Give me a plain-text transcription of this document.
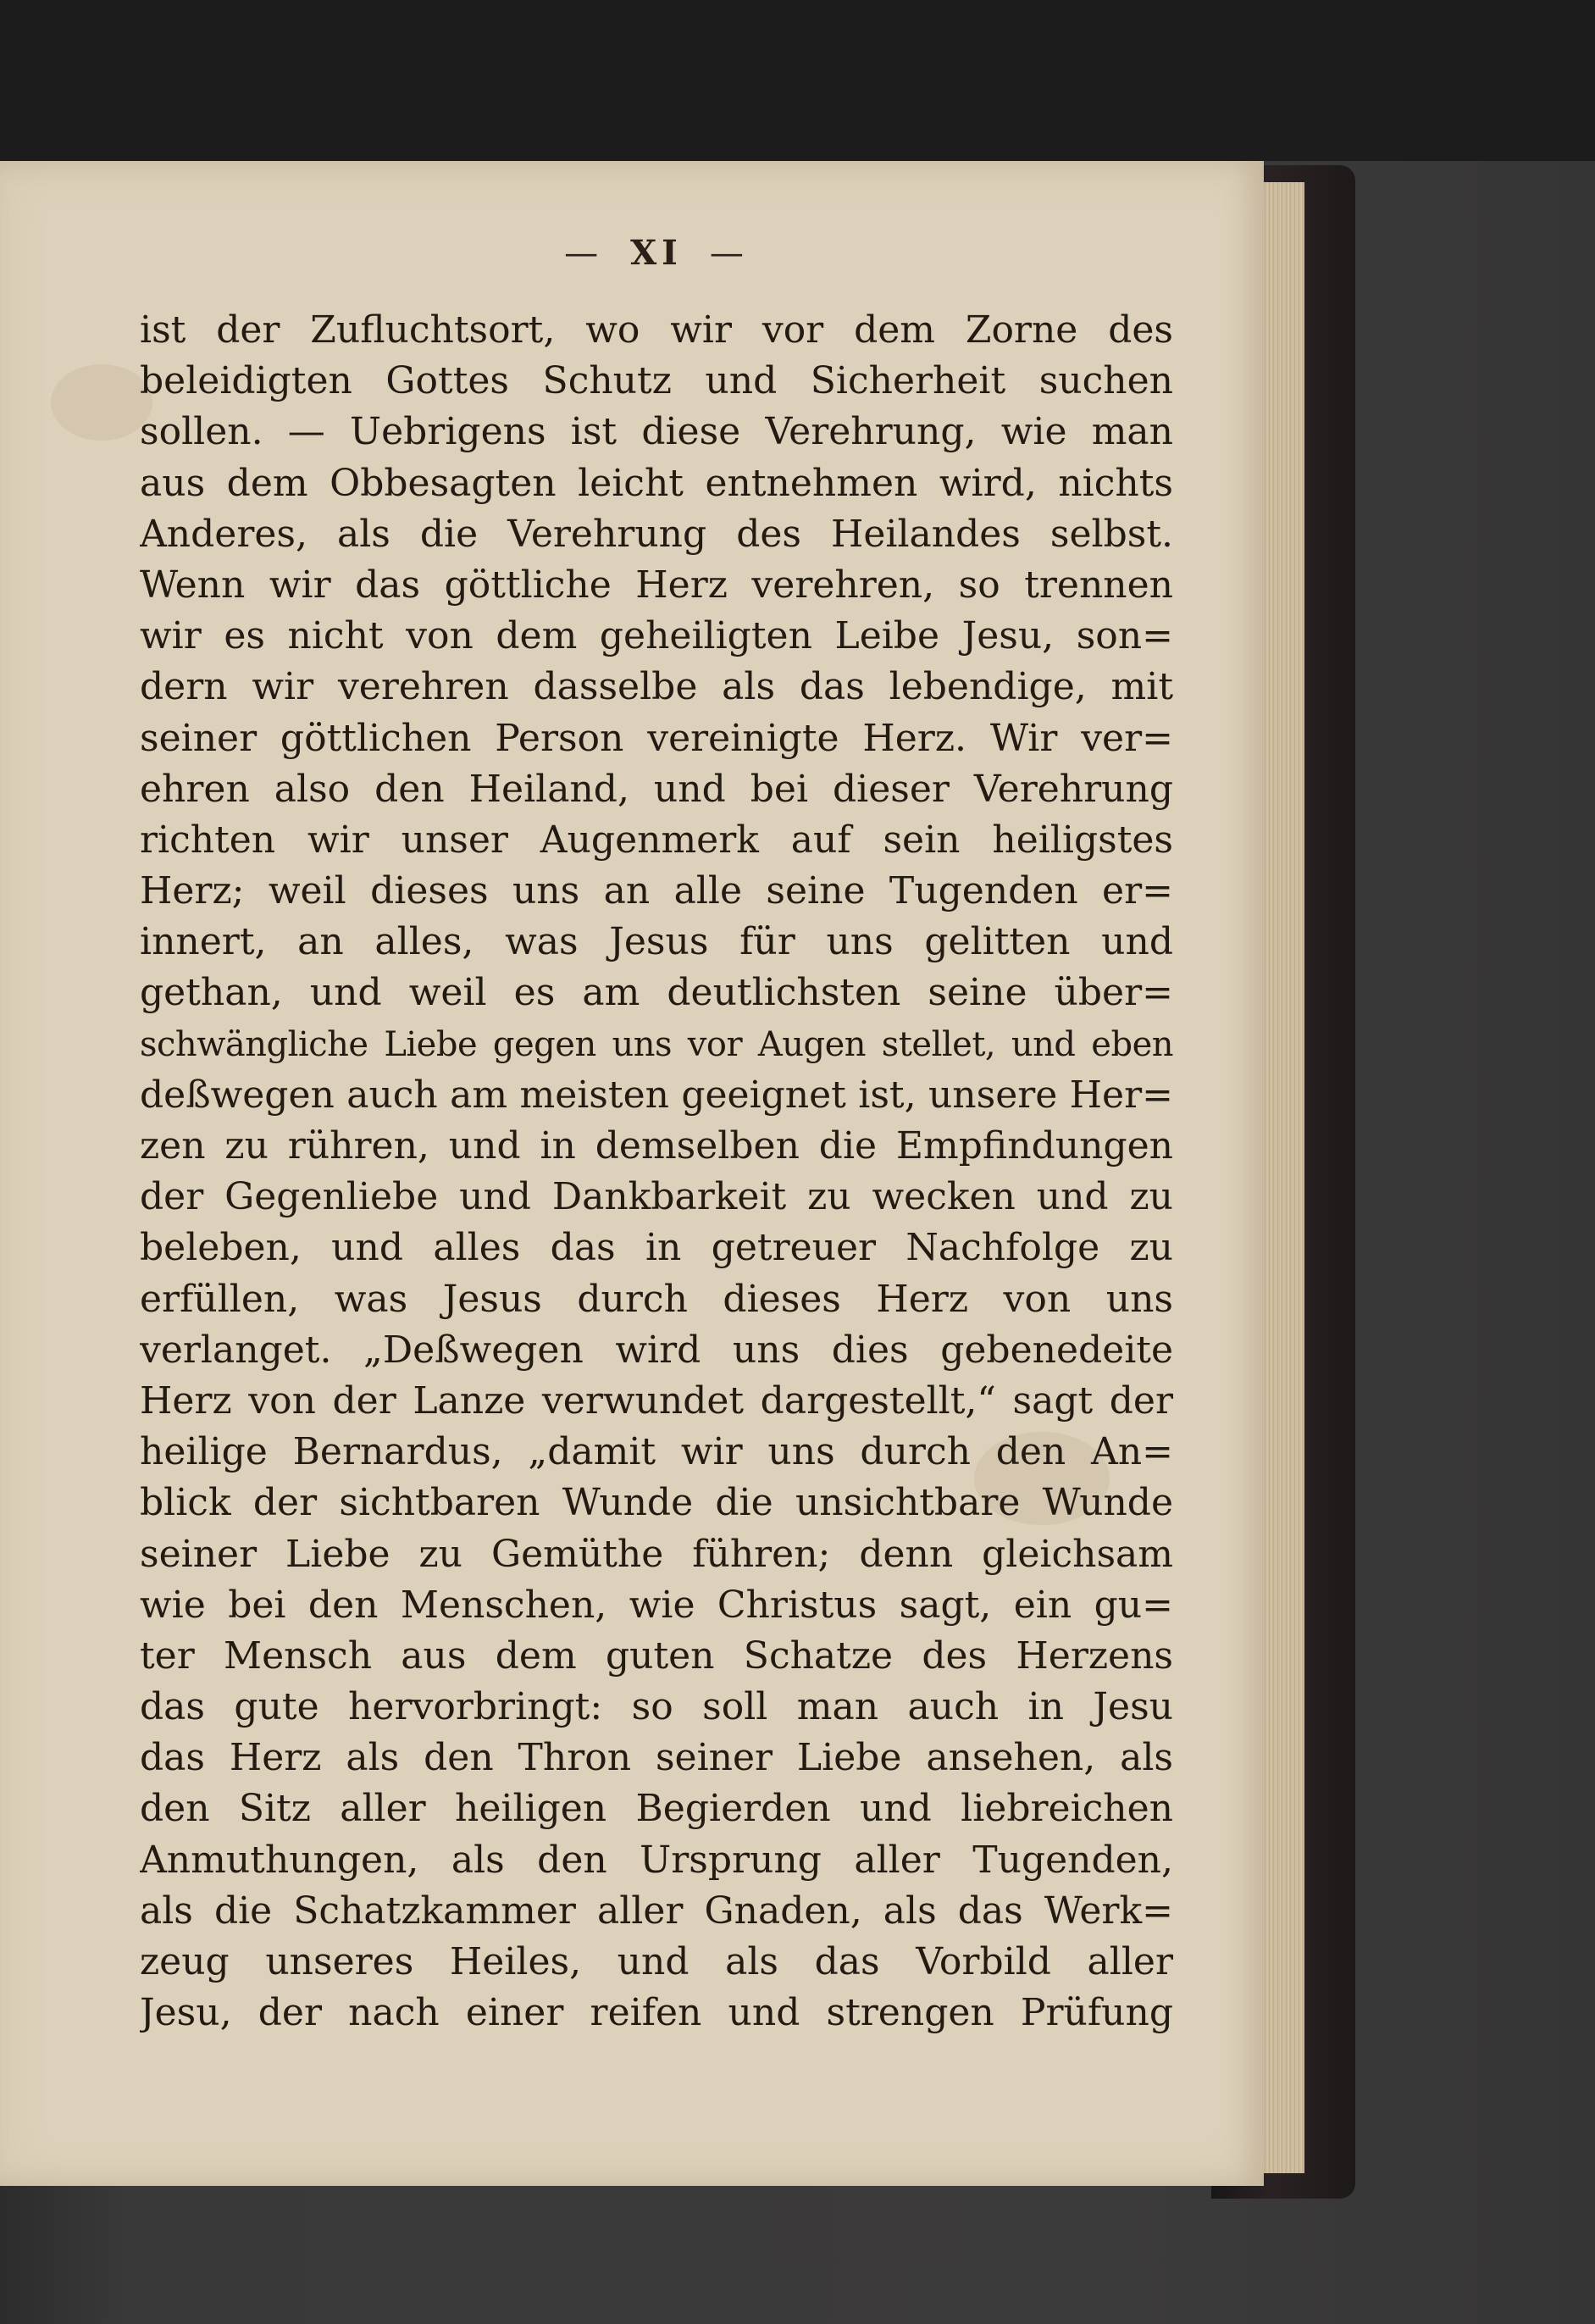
— XI —
ist der Zufluchtsort, wo wir vor dem Zorne des
beleidigten Gottes Schutz und Sicherheit suchen
sollen. — Uebrigens ist diese Verehrung, wie man
aus dem Obbesagten leicht entnehmen wird, nichts
Anderes, als die Verehrung des Heilandes selbst.
Wenn wir das göttliche Herz verehren, so trennen
wir es nicht von dem geheiligten Leibe Jesu, son=
dern wir verehren dasselbe als das lebendige, mit
seiner göttlichen Person vereinigte Herz. Wir ver=
ehren also den Heiland, und bei dieser Verehrung
richten wir unser Augenmerk auf sein heiligstes
Herz; weil dieses uns an alle seine Tugenden er=
innert, an alles, was Jesus für uns gelitten und
gethan, und weil es am deutlichsten seine über=
schwängliche Liebe gegen uns vor Augen stellet, und eben
deßwegen auch am meisten geeignet ist, unsere Her=
zen zu rühren, und in demselben die Empfindungen
der Gegenliebe und Dankbarkeit zu wecken und zu
beleben, und alles das in getreuer Nachfolge zu
erfüllen, was Jesus durch dieses Herz von uns
verlanget. „Deßwegen wird uns dies gebenedeite
Herz von der Lanze verwundet dargestellt,“ sagt der
heilige Bernardus, „damit wir uns durch den An=
blick der sichtbaren Wunde die unsichtbare Wunde
seiner Liebe zu Gemüthe führen; denn gleichsam
wie bei den Menschen, wie Christus sagt, ein gu=
ter Mensch aus dem guten Schatze des Herzens
das gute hervorbringt: so soll man auch in Jesu
das Herz als den Thron seiner Liebe ansehen, als
den Sitz aller heiligen Begierden und liebreichen
Anmuthungen, als den Ursprung aller Tugenden,
als die Schatzkammer aller Gnaden, als das Werk=
zeug unseres Heiles, und als das Vorbild aller
Jesu, der nach einer reifen und strengen Prüfung
